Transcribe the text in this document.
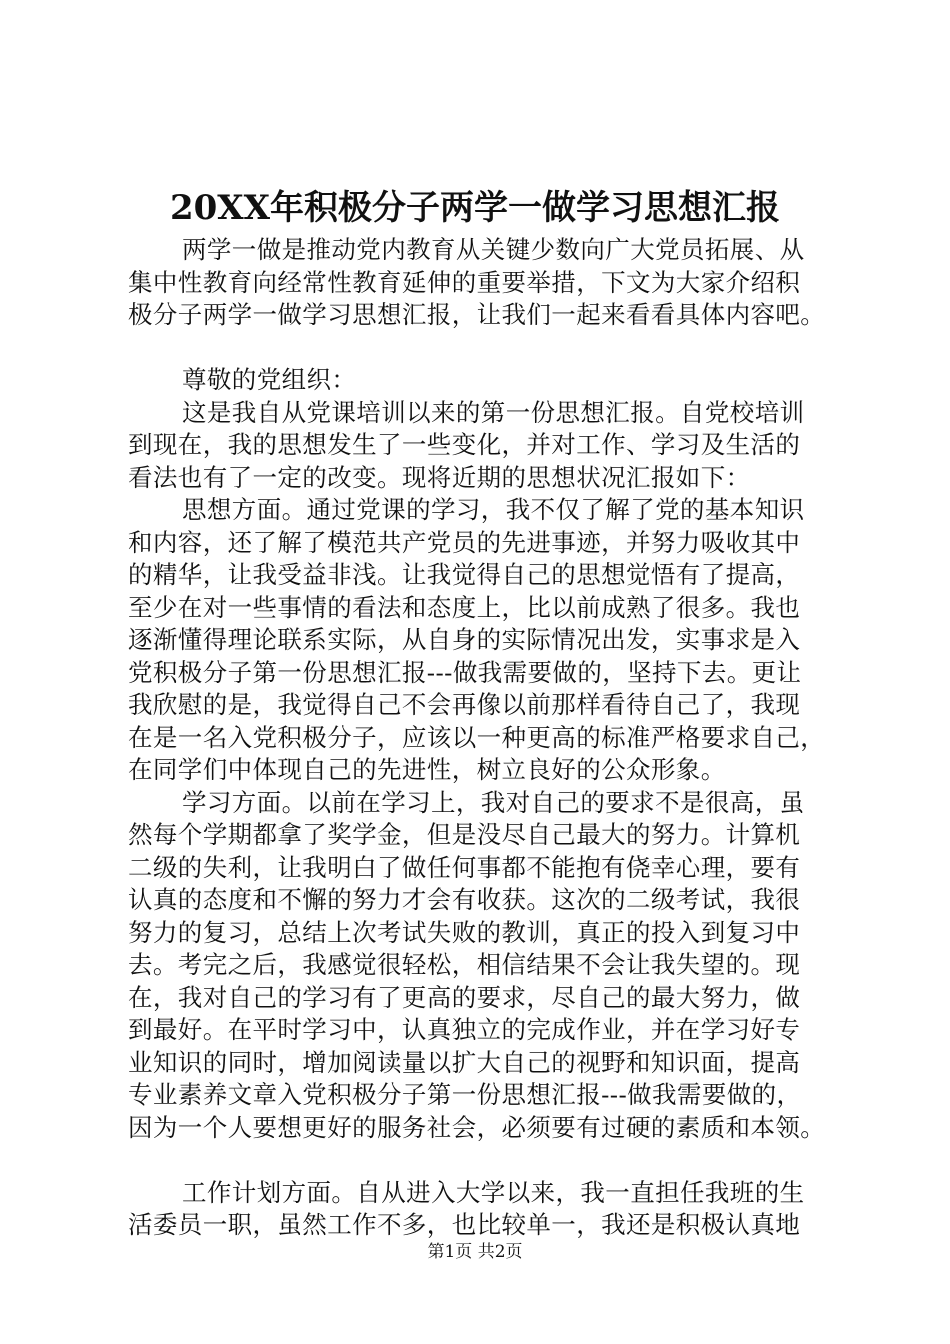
20XX年积极分子两学一做学习思想汇报
两学一做是推动党内教育从关键少数向广大党员拓展、从
集中性教育向经常性教育延伸的重要举措，下文为大家介绍积
极分子两学一做学习思想汇报，让我们一起来看看具体内容吧。
尊敬的党组织：
这是我自从党课培训以来的第一份思想汇报。自党校培训
到现在，我的思想发生了一些变化，并对工作、学习及生活的
看法也有了一定的改变。现将近期的思想状况汇报如下：
思想方面。通过党课的学习，我不仅了解了党的基本知识
和内容，还了解了模范共产党员的先进事迹，并努力吸收其中
的精华，让我受益非浅。让我觉得自己的思想觉悟有了提高，
至少在对一些事情的看法和态度上，比以前成熟了很多。我也
逐渐懂得理论联系实际，从自身的实际情况出发，实事求是入
党积极分子第一份思想汇报---做我需要做的，坚持下去。更让
我欣慰的是，我觉得自己不会再像以前那样看待自己了，我现
在是一名入党积极分子，应该以一种更高的标准严格要求自己，
在同学们中体现自己的先进性，树立良好的公众形象。
学习方面。以前在学习上，我对自己的要求不是很高，虽
然每个学期都拿了奖学金，但是没尽自己最大的努力。计算机
二级的失利，让我明白了做任何事都不能抱有侥幸心理，要有
认真的态度和不懈的努力才会有收获。这次的二级考试，我很
努力的复习，总结上次考试失败的教训，真正的投入到复习中
去。考完之后，我感觉很轻松，相信结果不会让我失望的。现
在，我对自己的学习有了更高的要求，尽自己的最大努力，做
到最好。在平时学习中，认真独立的完成作业，并在学习好专
业知识的同时，增加阅读量以扩大自己的视野和知识面，提高
专业素养文章入党积极分子第一份思想汇报---做我需要做的，
因为一个人要想更好的服务社会，必须要有过硬的素质和本领。
工作计划方面。自从进入大学以来，我一直担任我班的生
活委员一职，虽然工作不多，也比较单一，我还是积极认真地
第1页 共2页
